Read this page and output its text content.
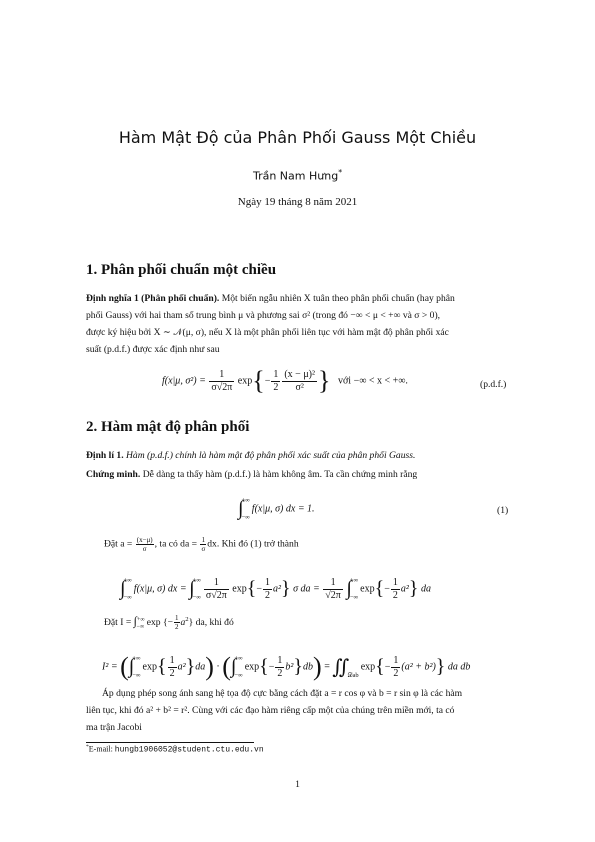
Hàm Mật Độ của Phân Phối Gauss Một Chiều
Trần Nam Hưng*
Ngày 19 tháng 8 năm 2021
1. Phân phối chuẩn một chiều
Định nghĩa 1 (Phân phối chuẩn). Một biến ngẫu nhiên X tuân theo phân phối chuẩn (hay phân
phối Gauss) với hai tham số trung bình μ và phương sai σ² (trong đó −∞ < μ < +∞ và σ > 0),
được ký hiệu bởi X ∼ 𝒩(μ, σ), nếu X là một phân phối liên tục với hàm mật độ phân phối xác
suất (p.d.f.) được xác định như sau
f(x|μ, $\sigma^2) = \frac{1}{\sigma√2\pi} \exp\{- \frac{1}{2} \frac{\text{(x − μ)²}}{\text{σ²}}$ } với −∞ < x < +∞.	(p.d.f.)
2. Hàm mật độ phân phối
Định lí 1. Hàm (p.d.f.) chính là hàm mật độ phân phối xác suất của phân phối Gauss.
Chứng minh. Dễ dàng ta thấy hàm (p.d.f.) là hàm không âm. Ta cần chứng minh rằng
∫
+∞
−∞
f(x|μ, σ) dx = 1.	(1)
Đặt $a = \frac{(x-\mu)}{\sigma}$ , ta có da = $\frac{1}{\sigma}$ dx. Khi đó (1) trở thành
∫
+∞
−∞
f(x|μ, σ) dx = ∫
+∞
−∞ $\frac{1}{\sigma√2\pi} \exp\{- \frac{1}{2} a^2\}$ σ da = $\frac{1}{√2\pi}$ ∫
+∞
−∞
$\exp\{- \frac{1}{2} a^2\}$ da
Đặt $I = \int^{+\infty}_{-\infty}$ exp {− $\frac{1}{2} a^2$} da, khi đó
I² = (∫
+∞
−∞
$\exp\{ \frac{1}{2} a^2\}da$) · (∫
+∞
−∞
$\exp\{- \frac{1}{2} b^2\}db$) = ∬

𝒟ab
$\exp\{- \frac{1}{2} (a^2 + b^2)\}$ da db
Áp dụng phép song ánh sang hệ tọa độ cực bằng cách đặt a = r cos φ và b = r sin φ là các hàm
liên tục, khi đó a² + b² = r². Cùng với các đạo hàm riêng cấp một của chúng trên miền mới, ta có
ma trận Jacobi
*E-mail: hungb1906052@student.ctu.edu.vn
1
